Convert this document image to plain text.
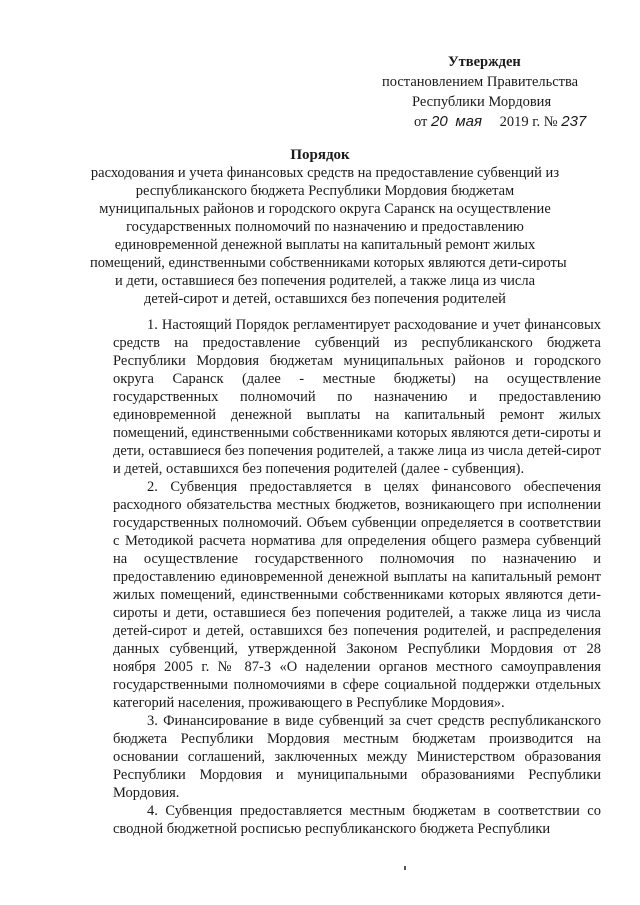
Утвержден
постановлением Правительства
Республики Мордовия
от 20 мая 2019 г. № 237
Порядок
расходования и учета финансовых средств на предоставление субвенций из
республиканского бюджета Республики Мордовия бюджетам
муниципальных районов и городского округа Саранск на осуществление
государственных полномочий по назначению и предоставлению
единовременной денежной выплаты на капитальный ремонт жилых
помещений, единственными собственниками которых являются дети-сироты
и дети, оставшиеся без попечения родителей, а также лица из числа
детей-сирот и детей, оставшихся без попечения родителей

1. Настоящий Порядок регламентирует расходование и учет финансовых средств на предоставление субвенций из республиканского бюджета Республики Мордовия бюджетам муниципальных районов и городского округа Саранск (далее - местные бюджеты) на осуществление государственных полномочий по назначению и предоставлению единовременной денежной выплаты на капитальный ремонт жилых помещений, единственными собственниками которых являются дети-сироты и дети, оставшиеся без попечения родителей, а также лица из числа детей-сирот и детей, оставшихся без попечения родителей (далее - субвенция).

2. Субвенция предоставляется в целях финансового обеспечения расходного обязательства местных бюджетов, возникающего при исполнении государственных полномочий. Объем субвенции определяется в соответствии с Методикой расчета норматива для определения общего размера субвенций на осуществление государственного полномочия по назначению и предоставлению единовременной денежной выплаты на капитальный ремонт жилых помещений, единственными собственниками которых являются дети-сироты и дети, оставшиеся без попечения родителей, а также лица из числа детей-сирот и детей, оставшихся без попечения родителей, и распределения данных субвенций, утвержденной Законом Республики Мордовия от 28 ноября 2005 г. № 87-З «О наделении органов местного самоуправления государственными полномочиями в сфере социальной поддержки отдельных категорий населения, проживающего в Республике Мордовия».

3. Финансирование в виде субвенций за счет средств республиканского бюджета Республики Мордовия местным бюджетам производится на основании соглашений, заключенных между Министерством образования Республики Мордовия и муниципальными образованиями Республики Мордовия.

4. Субвенция предоставляется местным бюджетам в соответствии со сводной бюджетной росписью республиканского бюджета Республики
